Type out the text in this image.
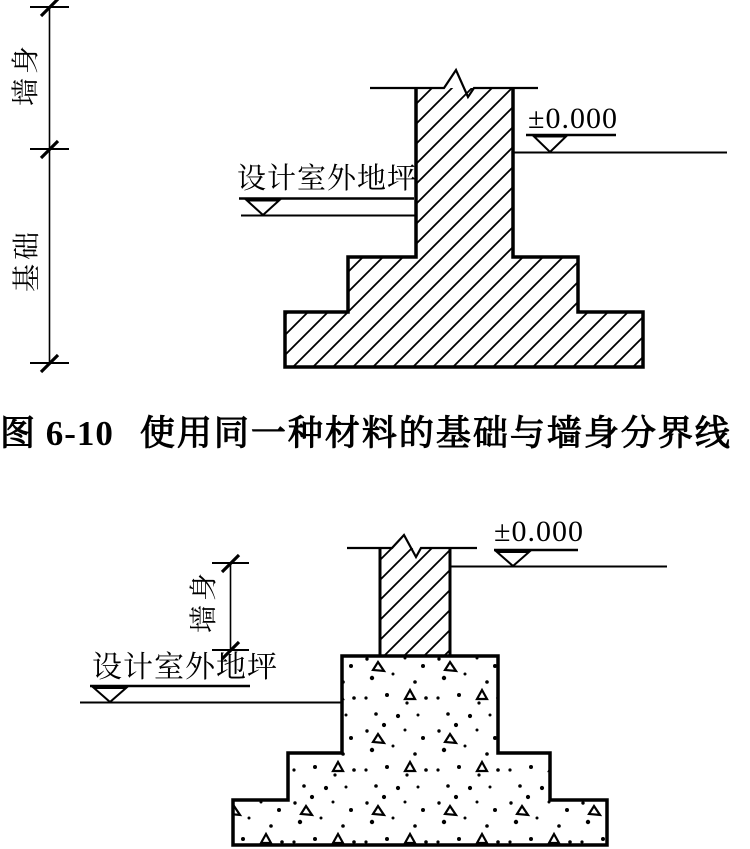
墙身
基础
设计室外地坪
±0.000
图 6-10 使用同一种材料的基础与墙身分界线
墙身
设计室外地坪
±0.000
